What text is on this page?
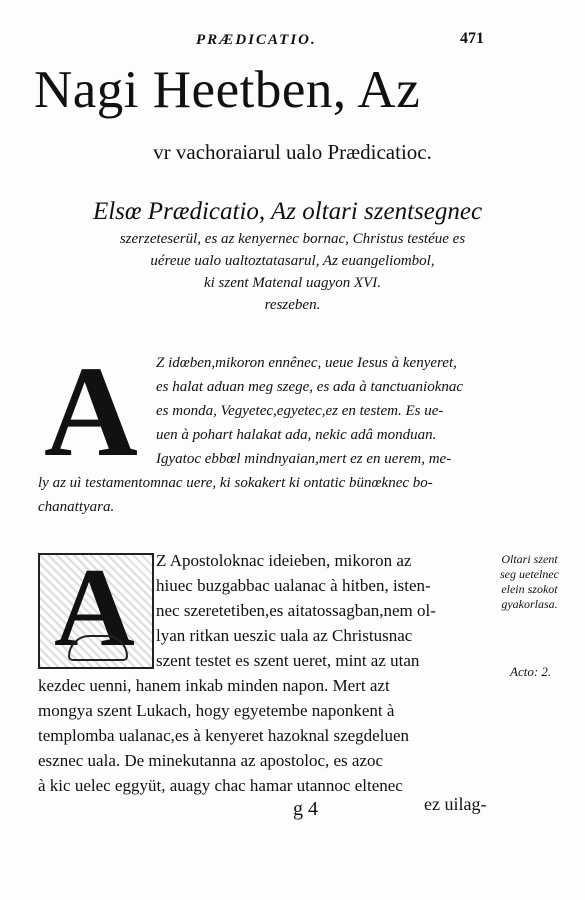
PRÆDICATIO.	471
Nagi Heetben, Az
vr vachoraiarul ualo Prædicatioc.
Elsœ Prædicatio, Az oltari szentsegnec
szerzeteserül, es az kenyernec bornac, Christus testéue es
uéreue ualo ualtoztatasarul, Az euangeliombol,
ki szent Matenal uagyon XVI.
reszeben.
A Z idœben,mikoron ennênec, ueue Iesus à kenyeret,
es halat aduan meg szege, es ada à tanctuanioknac
es monda, Vegyetec,egyetec,ez en testem. Es ue-
uen à pohart halakat ada, nekic adâ monduan.
Igyatoc ebbœl mindnyaian,mert ez en uerem, me-
ly az uì testamentomnac uere, ki sokakert ki ontatic bünœknec bo-
chanattyara.
A Z Apostoloknac ideieben, mikoron az
hiuec buzgabbac ualanac à hitben, isten-
nec szeretetiben,es aitatossagban,nem ol-
lyan ritkan ueszic uala az Christusnac
szent testet es szent ueret, mint az utan
kezdec uenni, hanem inkab minden napon. Mert azt
mongya szent Lukach, hogy egyetembe naponkent à
templomba ualanac,es à kenyeret hazoknal szegdeluen
esznec uala. De minekutanna az apostoloc, es azoc
à kic uelec eggyüt, auagy chac hamar utannoc eltenec
Oltari szent
seg uetelnec
elein szokot
gyakorlasa.
Acto: 2.
g 4	ez uilag-
